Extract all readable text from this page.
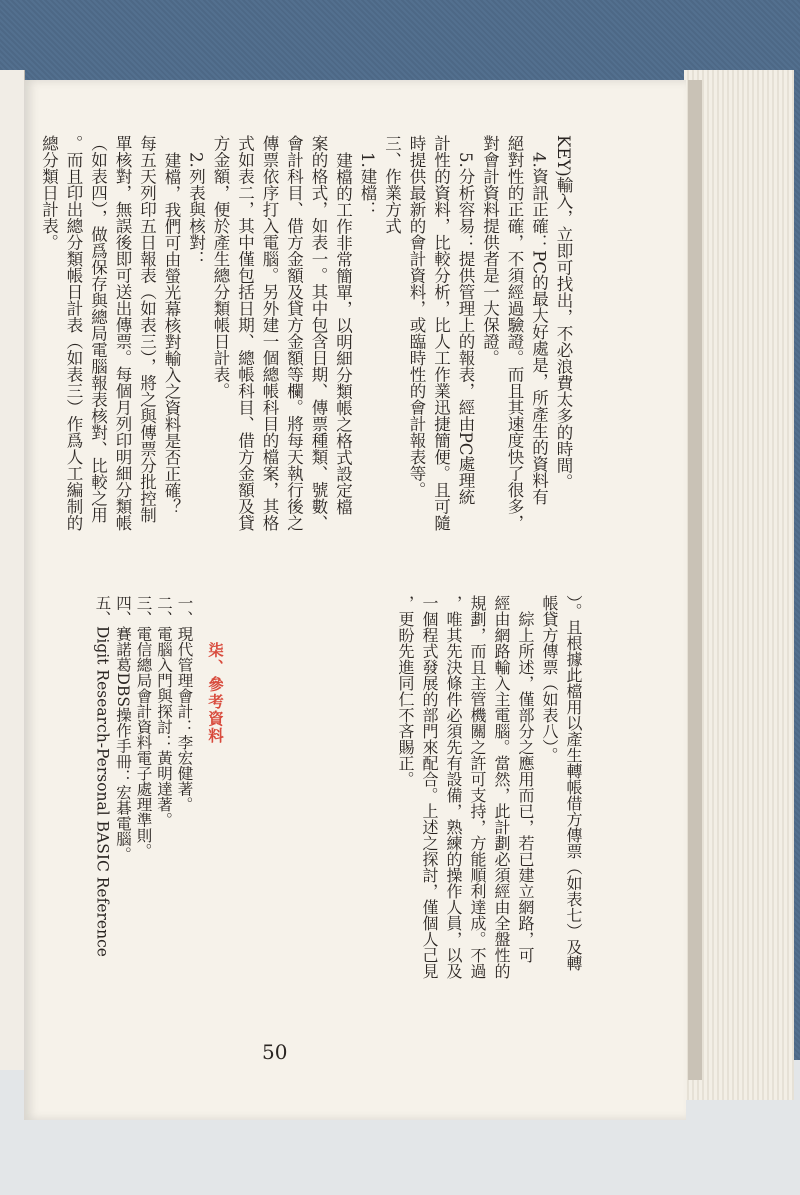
KEY)輸入，立即可找出，不必浪費太多的時間。

4.資訊正確：PC的最大好處是，所產生的資料有

絕對性的正確，不須經過驗證。而且其速度快了很多，

對會計資料提供者是一大保證。

5.分析容易：提供管理上的報表，經由PC處理統

計性的資料，比較分析，比人工作業迅捷簡便。且可隨

時提供最新的會計資料，或臨時性的會計報表等。

三、作業方式

1.建檔：

建檔的工作非常簡單，以明細分類帳之格式設定檔

案的格式，如表一。其中包含日期、傳票種類、號數、

會計科目、借方金額及貸方金額等欄。將每天執行後之

傳票依序打入電腦。另外建一個總帳科目的檔案，其格

式如表二，其中僅包括日期、總帳科目、借方金額及貸

方金額，便於產生總分類帳日計表。

2.列表與核對：

建檔，我們可由螢光幕核對輸入之資料是否正確？

每五天列印五日報表（如表三），將之與傳票分批控制

單核對，無誤後即可送出傳票。每個月列印明細分類帳

（如表四），做爲保存與總局電腦報表核對、比較之用

。而且印出總分類帳日計表（如表三）作爲人工編制的

總分類日計表。

）。且根據此檔用以產生轉帳借方傳票（如表七）及轉

帳貸方傳票（如表八）。

綜上所述，僅部分之應用而已，若已建立網路，可

經由網路輸入主電腦。當然，此計劃必須經由全盤性的

規劃，而且主管機關之許可支持，方能順利達成。不過

，唯其先決條件必須先有設備，熟練的操作人員，以及

一個程式發展的部門來配合。上述之探討，僅個人己見

，更盼先進同仁不吝賜正。

柒、參考資料

一、現代管理會計：李宏健著。

二、電腦入門與探討：黃明達著。

三、電信總局會計資料電子處理準則。

四、賽諾葛DBS操作手冊：宏碁電腦。

五、Digit Research-Personal BASIC Reference

50
